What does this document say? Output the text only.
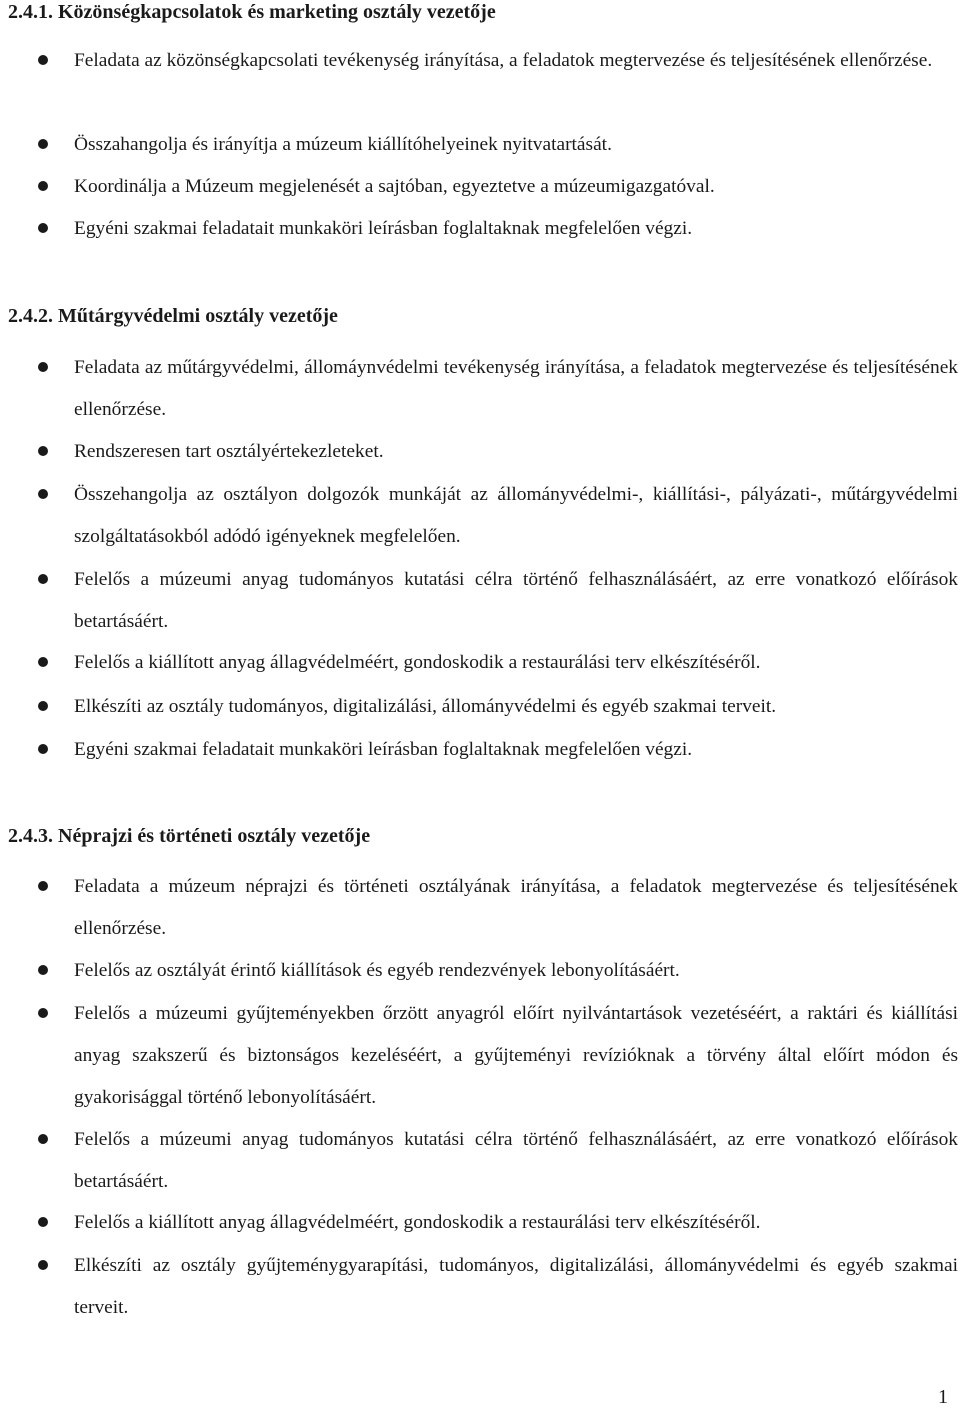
2.4.1. Közönségkapcsolatok és marketing osztály vezetője

Feladata az közönségkapcsolati tevékenység irányítása, a feladatok megtervezése és teljesítésének ellenőrzése.

Összahangolja és irányítja a múzeum kiállítóhelyeinek nyitvatartását.

Koordinálja a Múzeum megjelenését a sajtóban, egyeztetve a múzeumigazgatóval.

Egyéni szakmai feladatait munkaköri leírásban foglaltaknak megfelelően végzi.

2.4.2. Műtárgyvédelmi osztály vezetője

Feladata az műtárgyvédelmi, állomáynvédelmi tevékenység irányítása, a feladatok megtervezése és teljesítésének ellenőrzése.

Rendszeresen tart osztályértekezleteket.

Összehangolja az osztályon dolgozók munkáját az állományvédelmi-, kiállítási-, pályázati-, műtárgyvédelmi szolgáltatásokból adódó igényeknek megfelelően.

Felelős a múzeumi anyag tudományos kutatási célra történő felhasználásáért, az erre vonatkozó előírások betartásáért.

Felelős a kiállított anyag állagvédelméért, gondoskodik a restaurálási terv elkészítéséről.

Elkészíti az osztály tudományos, digitalizálási, állományvédelmi és egyéb szakmai terveit.

Egyéni szakmai feladatait munkaköri leírásban foglaltaknak megfelelően végzi.

2.4.3. Néprajzi és történeti osztály vezetője

Feladata a múzeum néprajzi és történeti osztályának irányítása, a feladatok megtervezése és teljesítésének ellenőrzése.

Felelős az osztályát érintő kiállítások és egyéb rendezvények lebonyolításáért.

Felelős a múzeumi gyűjteményekben őrzött anyagról előírt nyilvántartások vezetéséért, a raktári és kiállítási anyag szakszerű és biztonságos kezeléséért, a gyűjteményi revízióknak a törvény által előírt módon és gyakorisággal történő lebonyolításáért.

Felelős a múzeumi anyag tudományos kutatási célra történő felhasználásáért, az erre vonatkozó előírások betartásáért.

Felelős a kiállított anyag állagvédelméért, gondoskodik a restaurálási terv elkészítéséről.

Elkészíti az osztály gyűjteménygyarapítási, tudományos, digitalizálási, állományvédelmi és egyéb szakmai terveit.

1
